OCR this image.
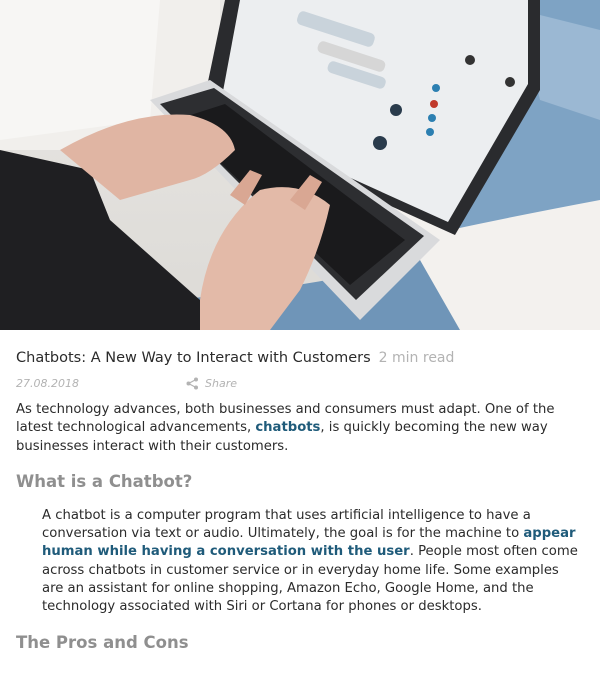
Chatbots: A New Way to Interact with Customers 2 min read
27.08.2018	Share

As technology advances, both businesses and consumers must adapt. One of the latest technological advancements, chatbots, is quickly becoming the new way businesses interact with their customers.

What is a Chatbot?

A chatbot is a computer program that uses artificial intelligence to have a conversation via text or audio. Ultimately, the goal is for the machine to appear human while having a conversation with the user. People most often come across chatbots in customer service or in everyday home life. Some examples are an assistant for online shopping, Amazon Echo, Google Home, and the technology associated with Siri or Cortana for phones or desktops.

The Pros and Cons
